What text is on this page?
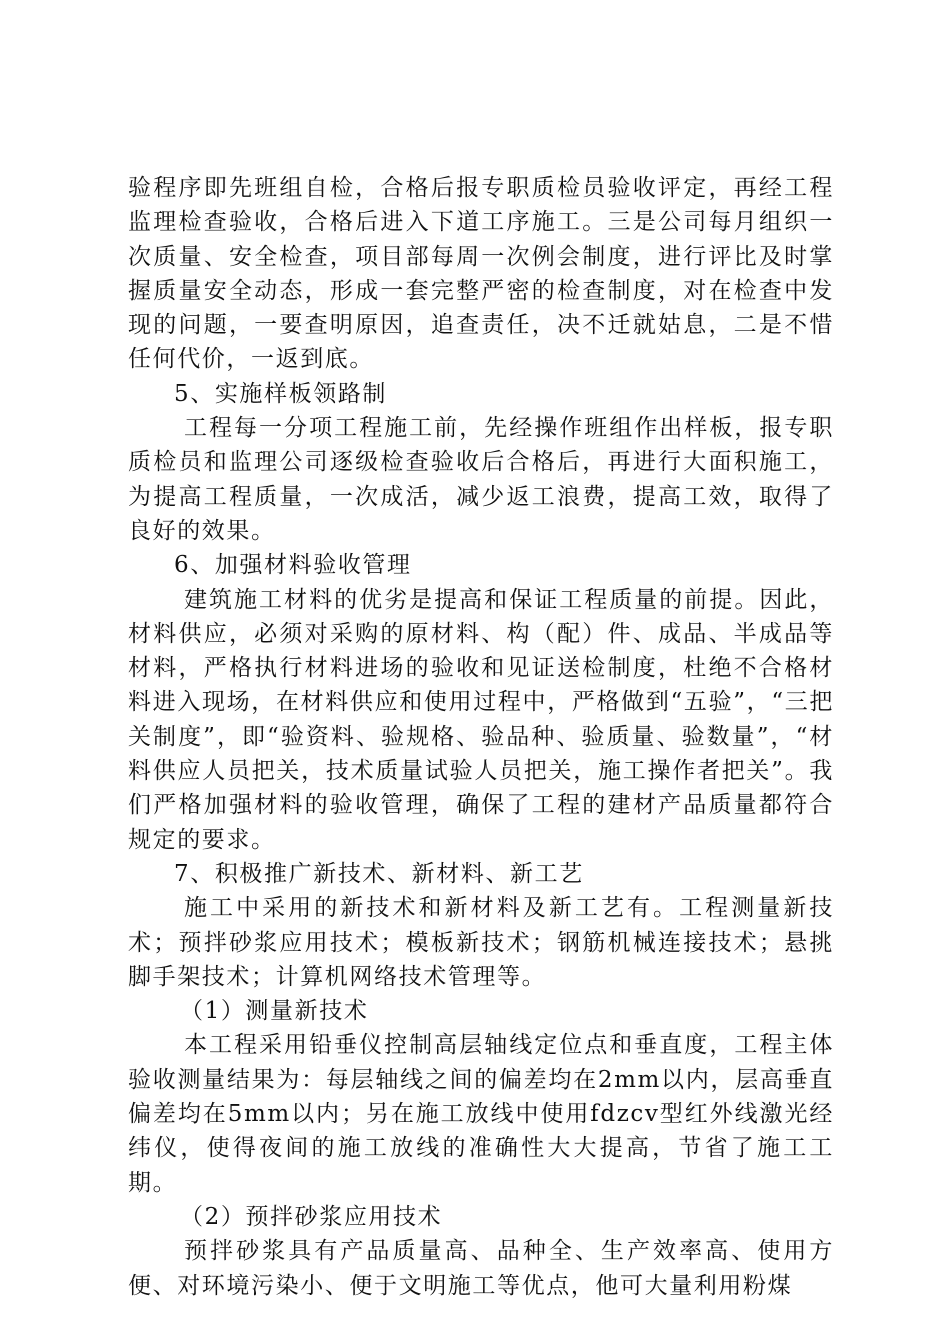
验程序即先班组自检，合格后报专职质检员验收评定，再经工程监理检查验收，合格后进入下道工序施工。三是公司每月组织一次质量、安全检查，项目部每周一次例会制度，进行评比及时掌握质量安全动态，形成一套完整严密的检查制度，对在检查中发现的问题，一要查明原因，追查责任，决不迁就姑息，二是不惜任何代价，一返到底。

5、实施样板领路制

工程每一分项工程施工前，先经操作班组作出样板，报专职质检员和监理公司逐级检查验收后合格后，再进行大面积施工，为提高工程质量，一次成活，减少返工浪费，提高工效，取得了良好的效果。

6、加强材料验收管理

建筑施工材料的优劣是提高和保证工程质量的前提。因此，材料供应，必须对采购的原材料、构（配）件、成品、半成品等材料，严格执行材料进场的验收和见证送检制度，杜绝不合格材料进入现场，在材料供应和使用过程中，严格做到“五验”，“三把关制度”，即“验资料、验规格、验品种、验质量、验数量”，“材料供应人员把关，技术质量试验人员把关，施工操作者把关”。我们严格加强材料的验收管理，确保了工程的建材产品质量都符合规定的要求。

7、积极推广新技术、新材料、新工艺

施工中采用的新技术和新材料及新工艺有。工程测量新技术；预拌砂浆应用技术；模板新技术；钢筋机械连接技术；悬挑脚手架技术；计算机网络技术管理等。

（1）测量新技术

本工程采用铅垂仪控制高层轴线定位点和垂直度，工程主体验收测量结果为：每层轴线之间的偏差均在2mm以内，层高垂直偏差均在5mm以内；另在施工放线中使用fdzcv型红外线激光经纬仪，使得夜间的施工放线的准确性大大提高，节省了施工工期。

（2）预拌砂浆应用技术

预拌砂浆具有产品质量高、品种全、生产效率高、使用方便、对环境污染小、便于文明施工等优点，他可大量利用粉煤
